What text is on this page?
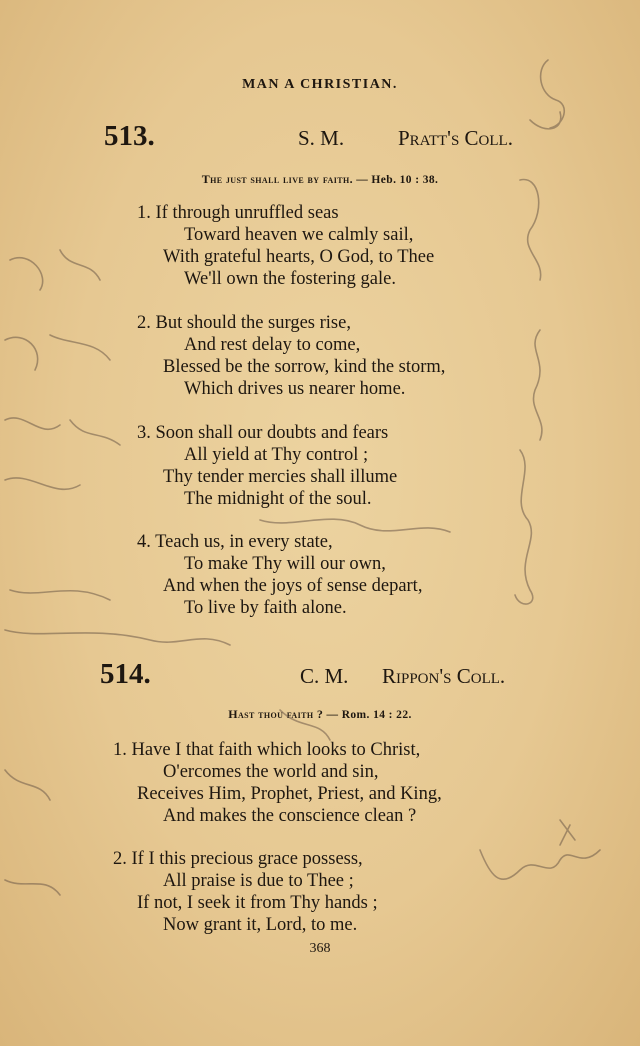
MAN A CHRISTIAN.
513.	S. M.	Pratt's Coll.
The just shall live by faith. — Heb. 10 : 38.
1. If through unruffled seas
Toward heaven we calmly sail,
With grateful hearts, O God, to Thee
We'll own the fostering gale.
2. But should the surges rise,
And rest delay to come,
Blessed be the sorrow, kind the storm,
Which drives us nearer home.
3. Soon shall our doubts and fears
All yield at Thy control ;
Thy tender mercies shall illume
The midnight of the soul.
4. Teach us, in every state,
To make Thy will our own,
And when the joys of sense depart,
To live by faith alone.
514.	C. M. Rippon's Coll.
Hast thou faith ? — Rom. 14 : 22.
1. Have I that faith which looks to Christ,
O'ercomes the world and sin,
Receives Him, Prophet, Priest, and King,
And makes the conscience clean ?
2. If I this precious grace possess,
All praise is due to Thee ;
If not, I seek it from Thy hands ;
Now grant it, Lord, to me.
368
